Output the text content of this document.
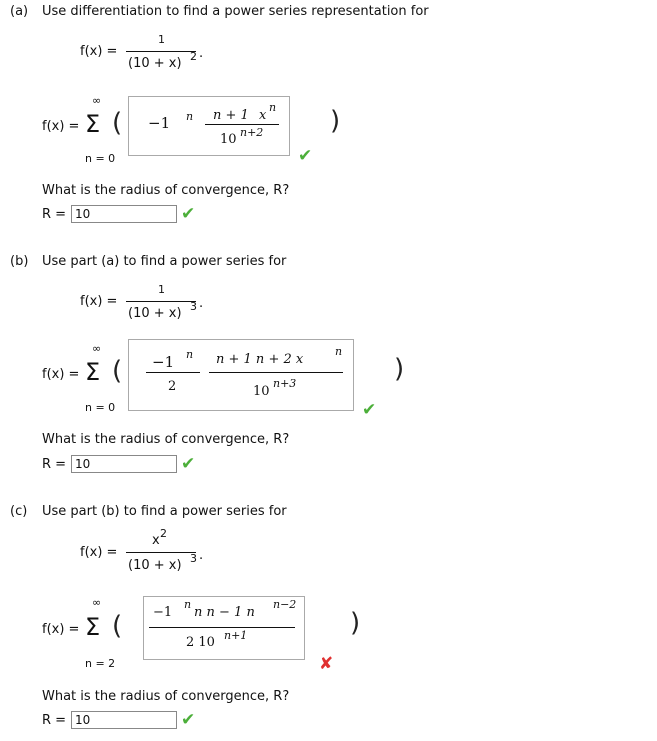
(a) Use differentiation to find a power series representation for
f(x) =
1
(10 + x) 2 .
∞
f(x) = Σ (
n = 0
−1 n n + 1 x
n
10 n+2	)
✔
What is the radius of convergence, R?
R = 10	✔
(b) Use part (a) to find a power series for
f(x) =
1
(10 + x) 3 .
∞
f(x) = Σ (
n = 0
−1 n
2
n + 1 n + 2 x
n
10
n+3	)
✔
What is the radius of convergence, R?
R = 10	✔
(c) Use part (b) to find a power series for
f(x) =
x 2
(10 + x) 3 .
∞
f(x) = Σ (
n = 2
−1
n
n n − 1 n
n−2
2 10 n+1	)
✘
What is the radius of convergence, R?
R = 10	✔
